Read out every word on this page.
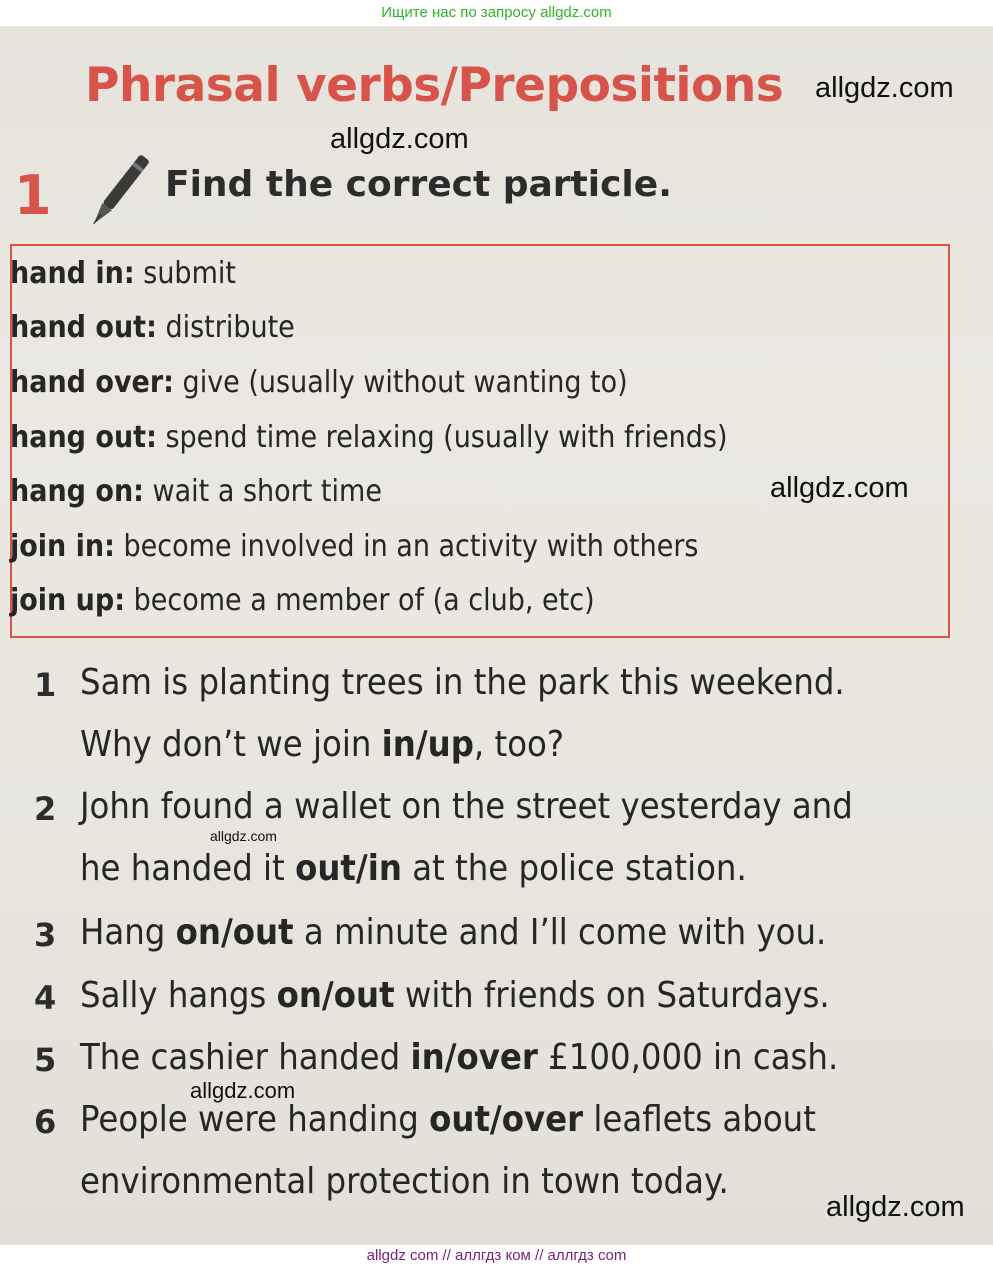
Ищите нас по запросу allgdz.com
Phrasal verbs/Prepositions
1	Find the correct particle.
hand in: submit
hand out: distribute
hand over: give (usually without wanting to)
hang out: spend time relaxing (usually with friends)
hang on: wait a short time
join in: become involved in an activity with others
join up: become a member of (a club, etc)
1 Sam is planting trees in the park this weekend.
Why don’t we join in/up, too?
2 John found a wallet on the street yesterday and
he handed it out/in at the police station.
3 Hang on/out a minute and I’ll come with you.
4 Sally hangs on/out with friends on Saturdays.
5 The cashier handed in/over £100,000 in cash.
6 People were handing out/over leaflets about
environmental protection in town today.
allgdz.com
allgdz.com
allgdz.com
allgdz.com
allgdz.com
allgdz.com
allgdz com // аллгдз ком // аллгдз com
